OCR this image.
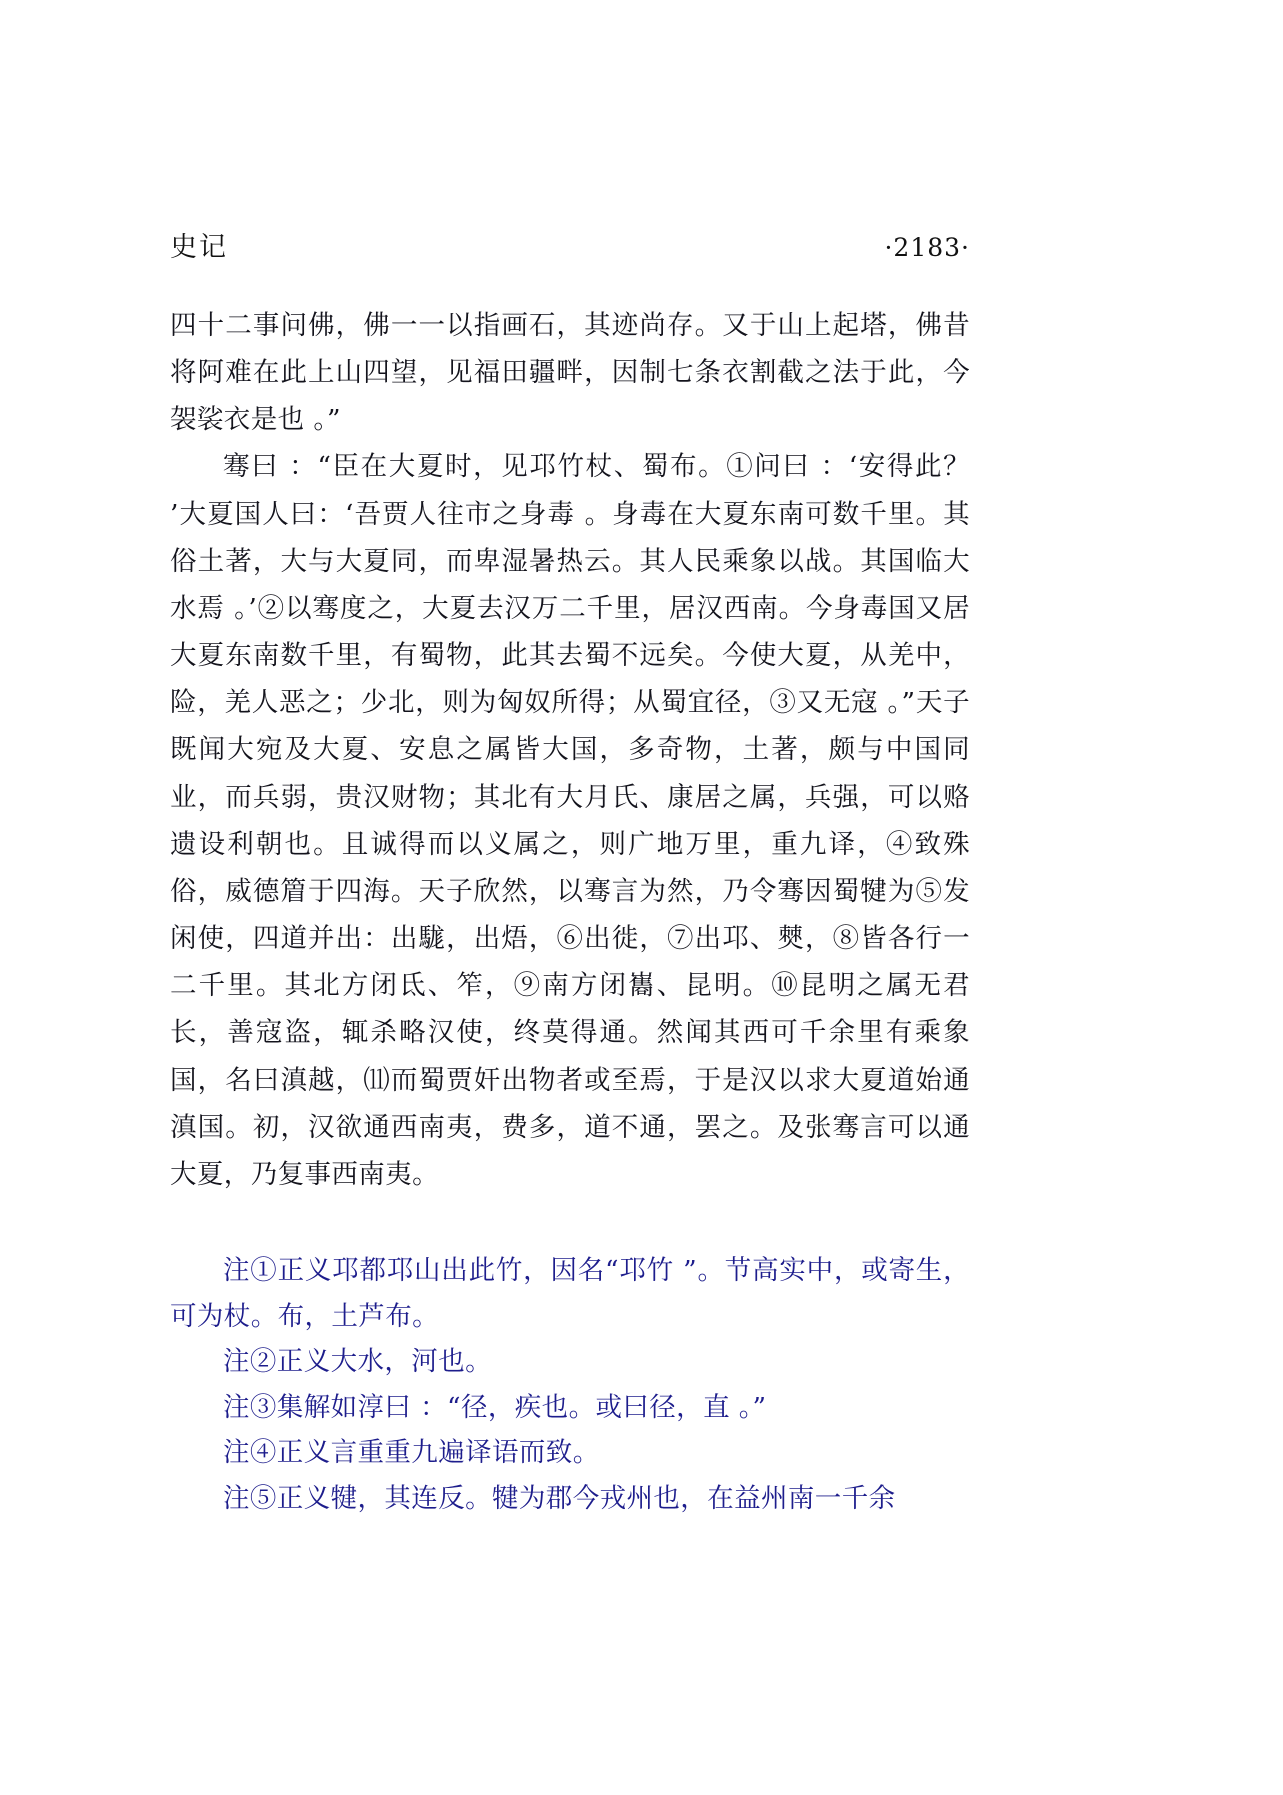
史记	·2183·

四十二事问佛，佛一一以指画石，其迹尚存。又于山上起塔，佛昔将阿难在此上山四望，见福田疆畔，因制七条衣割截之法于此，今袈裟衣是也 。”

骞曰 ：“臣在大夏时，见邛竹杖、蜀布。①问曰 ：‘安得此？ ’大夏国人曰：‘吾贾人往市之身毒 。身毒在大夏东南可数千里。其俗土著，大与大夏同，而卑湿暑热云。其人民乘象以战。其国临大水焉 。’②以骞度之，大夏去汉万二千里，居汉西南。今身毒国又居大夏东南数千里，有蜀物，此其去蜀不远矣。今使大夏，从羌中，险，羌人恶之；少北，则为匈奴所得；从蜀宜径，③又无寇 。”天子既闻大宛及大夏、安息之属皆大国，多奇物，土著，颇与中国同业，而兵弱，贵汉财物；其北有大月氏、康居之属，兵强，可以赂遗设利朝也。且诚得而以义属之，则广地万里，重九译，④致殊俗，威德篃于四海。天子欣然，以骞言为然，乃令骞因蜀犍为⑤发闲使，四道并出：出駹，出焐，⑥出徙，⑦出邛、僰，⑧皆各行一二千里。其北方闭氐、笮，⑨南方闭巂、昆明。⑩昆明之属无君长，善寇盗，辄杀略汉使，终莫得通。然闻其西可千余里有乘象国，名曰滇越，⑾而蜀贾奸出物者或至焉，于是汉以求大夏道始通滇国。初，汉欲通西南夷，费多，道不通，罢之。及张骞言可以通大夏，乃复事西南夷。

注①正义邛都邛山出此竹，因名“邛竹 ”。节高实中，或寄生，可为杖。布，土芦布。

注②正义大水，河也。

注③集解如淳曰 ：“径，疾也。或曰径，直 。”

注④正义言重重九遍译语而致。

注⑤正义犍，其连反。犍为郡今戎州也，在益州南一千余
